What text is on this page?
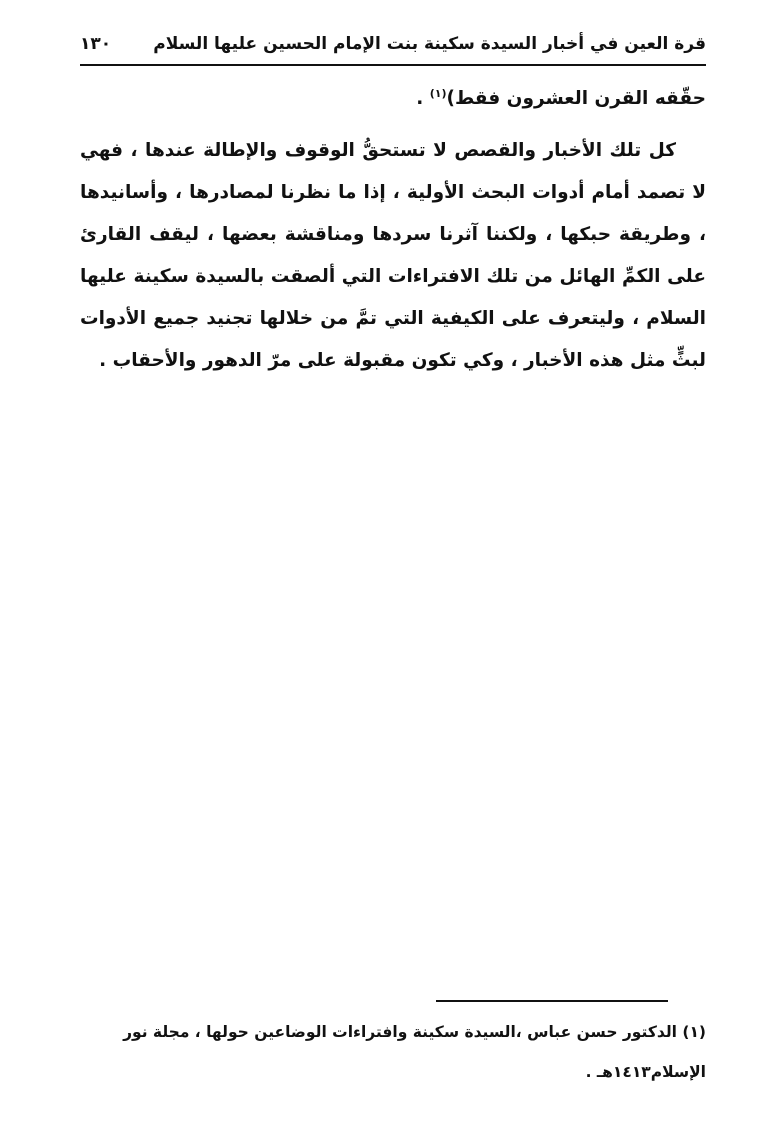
قرة العين في أخبار السيدة سكينة بنت الإمام الحسين عليها السلام
١٣٠

حقّقه القرن العشرون فقط)$^{(١)}$ .

كل تلك الأخبار والقصص لا تستحقُّ الوقوف والإطالة عندها ، فهي لا تصمد أمام أدوات البحث الأولية ، إذا ما نظرنا لمصادرها ، وأسانيدها ، وطريقة حبكها ، ولكننا آثرنا سردها ومناقشة بعضها ، ليقف القارئ على الكمِّ الهائل من تلك الافتراءات التي ألصقت بالسيدة سكينة عليها السلام ، وليتعرف على الكيفية التي تمَّ من خلالها تجنيد جميع الأدوات لبثٍّ مثل هذه الأخبار ، وكي تكون مقبولة على مرّ الدهور والأحقاب .

(١) الدكتور حسن عباس ،السيدة سكينة وافتراءات الوضاعين حولها ، مجلة نور الإسلام١٤١٣هـ .
